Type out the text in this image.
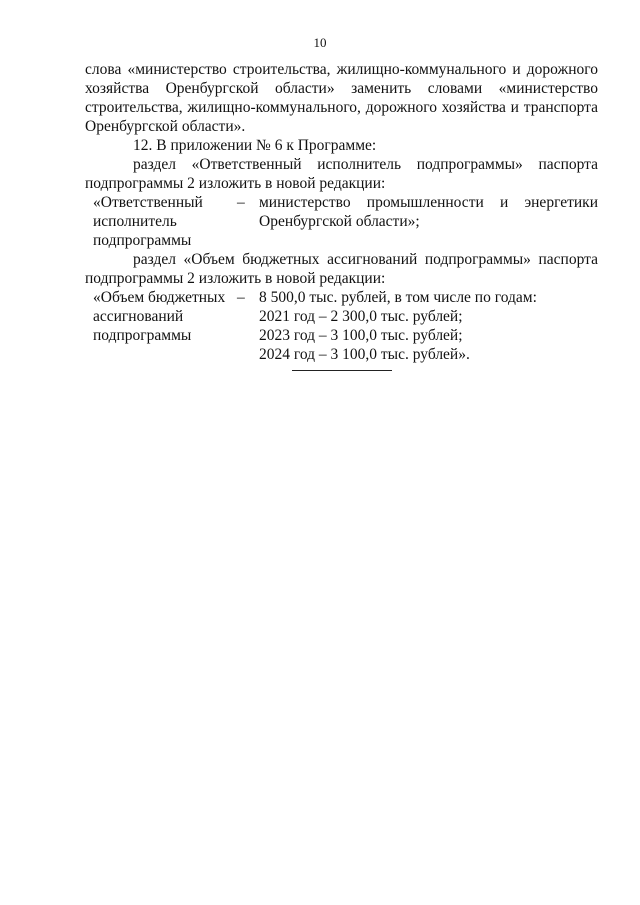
10

слова «министерство строительства, жилищно-коммунального и дорожного хозяйства Оренбургской области» заменить словами «министерство строительства, жилищно-коммунального, дорожного хозяйства и транспорта Оренбургской области».

12. В приложении № 6 к Программе:

раздел «Ответственный исполнитель подпрограммы» паспорта подпрограммы 2 изложить в новой редакции:

«Ответственный
исполнитель
подпрограммы
– министерство промышленности и энергетики Оренбургской области»;

раздел «Объем бюджетных ассигнований подпрограммы» паспорта подпрограммы 2 изложить в новой редакции:

«Объем бюджетных
ассигнований
подпрограммы
– 8 500,0 тыс. рублей, в том числе по годам:
2021 год – 2 300,0 тыс. рублей;
2023 год – 3 100,0 тыс. рублей;
2024 год – 3 100,0 тыс. рублей».
